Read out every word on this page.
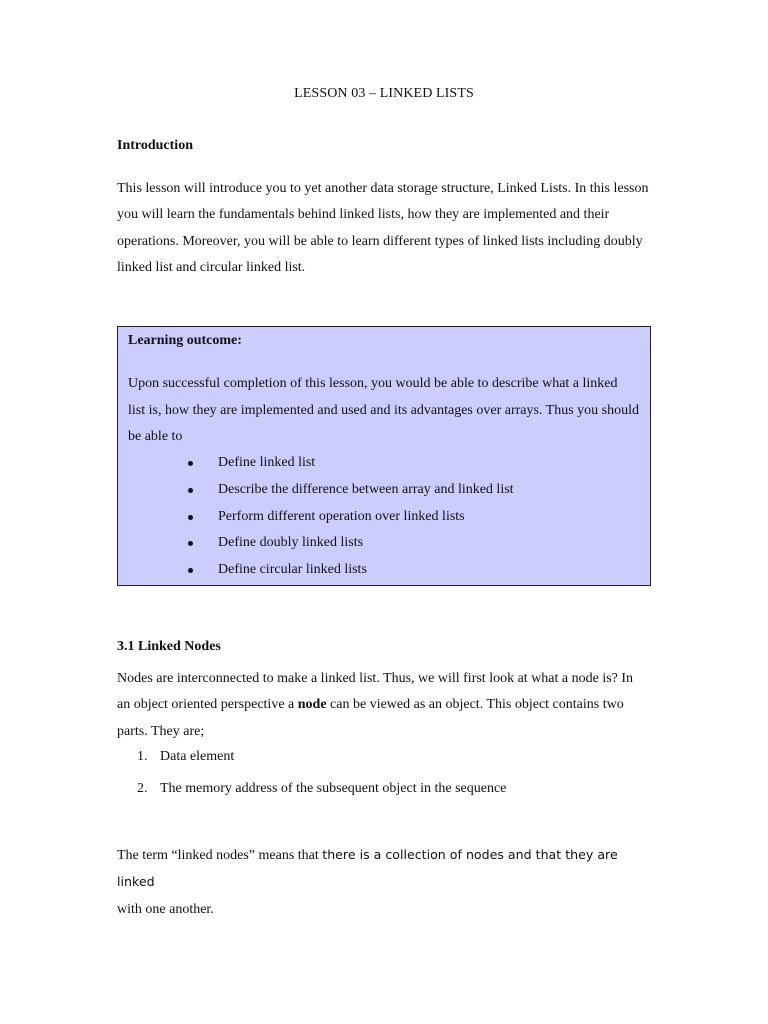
LESSON 03 – LINKED LISTS
Introduction
This lesson will introduce you to yet another data storage structure, Linked Lists. In this lesson
you will learn the fundamentals behind linked lists, how they are implemented and their
operations. Moreover, you will be able to learn different types of linked lists including doubly
linked list and circular linked list.
Learning outcome:
Upon successful completion of this lesson, you would be able to describe what a linked
list is, how they are implemented and used and its advantages over arrays. Thus you should
be able to
Define linked list
Describe the difference between array and linked list
Perform different operation over linked lists
Define doubly linked lists
Define circular linked lists
3.1 Linked Nodes
Nodes are interconnected to make a linked list. Thus, we will first look at what a node is? In
an object oriented perspective a node can be viewed as an object. This object contains two
parts. They are;
1. Data element
2. The memory address of the subsequent object in the sequence
The term “linked nodes” means that there is a collection of nodes and that they are linked
with one another.
